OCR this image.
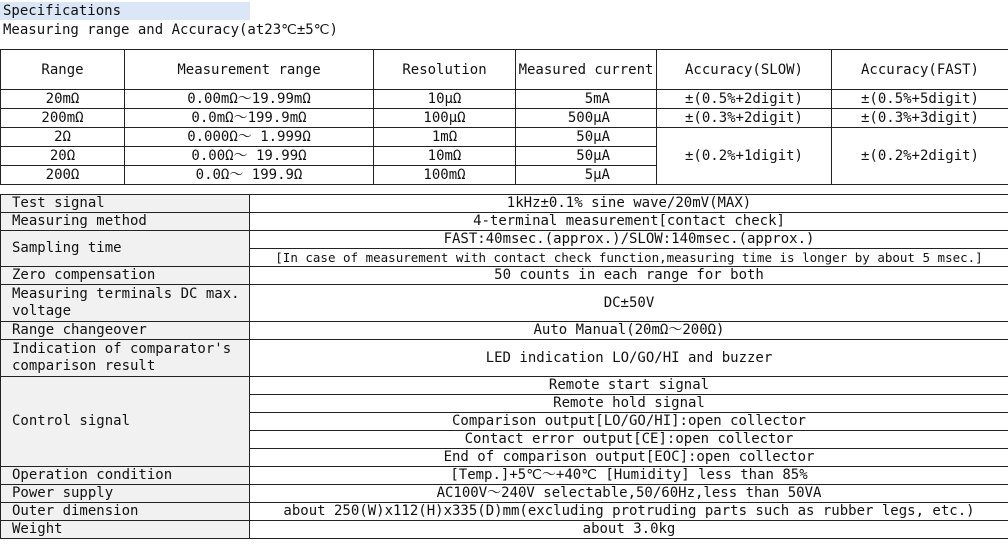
Specifications
Measuring range and Accuracy(at23℃±5℃)
Range	Measurement range	Resolution	Measured current	Accuracy(SLOW)	Accuracy(FAST)
20mΩ	0.00mΩ～19.99mΩ	10μΩ	5mA	±(0.5%+2digit)	±(0.5%+5digit)
200mΩ	0.0mΩ～199.9mΩ	100μΩ	500μA	±(0.3%+2digit)	±(0.3%+3digit)
2Ω	0.000Ω～ 1.999Ω	1mΩ	50μA	±(0.2%+1digit)	±(0.2%+2digit)
20Ω	0.00Ω～ 19.99Ω	10mΩ	50μA		
200Ω	0.0Ω～ 199.9Ω	100mΩ	5μA		
Test signal	1kHz±0.1% sine wave/20mV(MAX)
Measuring method	4-terminal measurement[contact check]
Sampling time	FAST:40msec.(approx.)/SLOW:140msec.(approx.)
	[In case of measurement with contact check function,measuring time is longer by about 5 msec.]
Zero compensation	50 counts in each range for both
Measuring terminals DC max. voltage	DC±50V
Range changeover	Auto Manual(20mΩ～200Ω)
Indication of comparator's comparison result	LED indication LO/GO/HI and buzzer
Control signal	Remote start signal
	Remote hold signal
	Comparison output[LO/GO/HI]:open collector
	Contact error output[CE]:open collector
	End of comparison output[EOC]:open collector
Operation condition	[Temp.]+5℃～+40℃ [Humidity] less than 85%
Power supply	AC100V～240V selectable,50/60Hz,less than 50VA
Outer dimension	about 250(W)x112(H)x335(D)mm(excluding protruding parts such as rubber legs, etc.)
Weight	about 3.0kg
